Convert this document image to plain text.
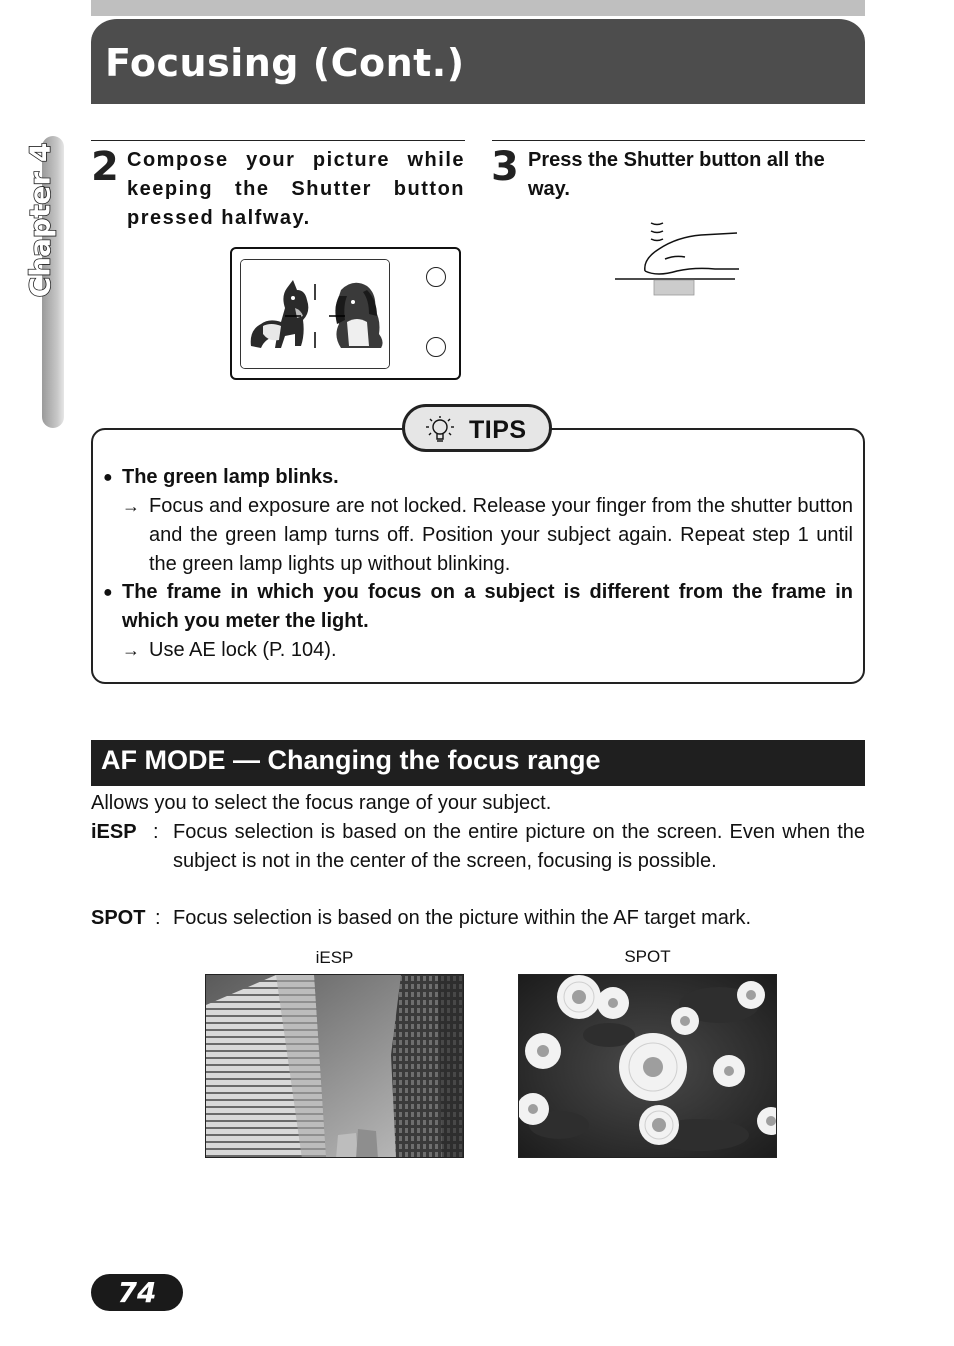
Focusing (Cont.)
Chapter 4 2 Compose your picture while keeping the Shutter button pressed halfway.
3 Press the Shutter button all the way.
TIPS
● The green lamp blinks.
→ Focus and exposure are not locked. Release your finger from the shutter button and the green lamp turns off. Position your subject again. Repeat step 1 until the green lamp lights up without blinking.
● The frame in which you focus on a subject is different from the frame in which you meter the light.
→ Use AE lock (P. 104).
AF MODE — Changing the focus range
Allows you to select the focus range of your subject.
iESP : Focus selection is based on the entire picture on the screen. Even when the subject is not in the center of the screen, focusing is possible.
SPOT : Focus selection is based on the picture within the AF target mark.
iESP	SPOT
74
